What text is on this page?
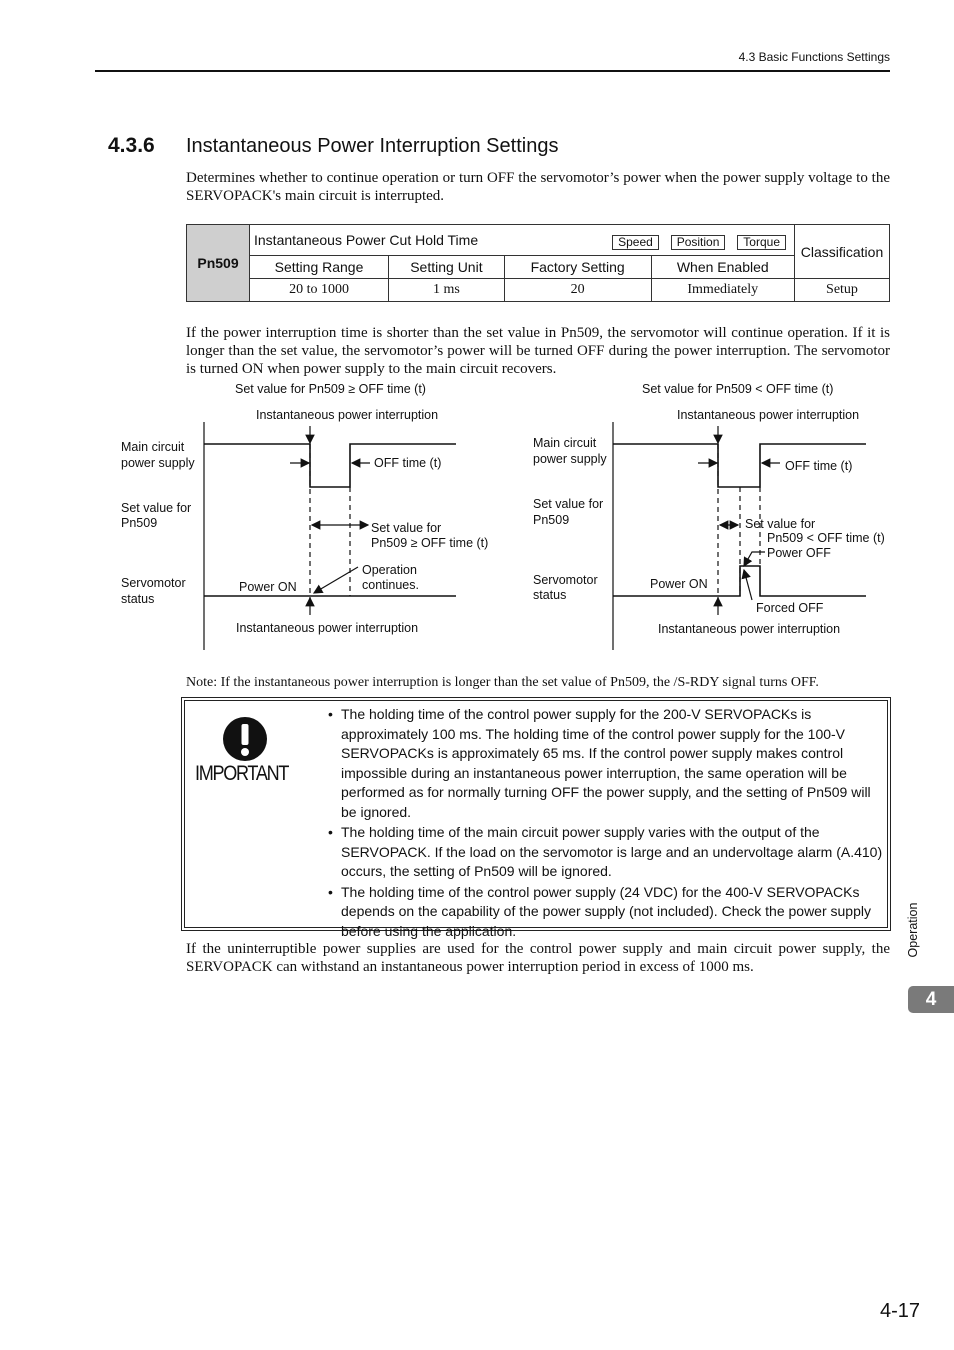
4.3 Basic Functions Settings
4.3.6 Instantaneous Power Interruption Settings
Determines whether to continue operation or turn OFF the servomotor’s power when the power supply voltage to the SERVOPACK's main circuit is interrupted.
Pn509	Instantaneous Power Cut Hold Time Speed Position Torque				Classification
	Setting Range	Setting Unit	Factory Setting	When Enabled	
	20 to 1000	1 ms	20	Immediately	Setup
If the power interruption time is shorter than the set value in Pn509, the servomotor will continue operation. If it is longer than the set value, the servomotor’s power will be turned OFF during the power interruption. The servomotor is turned ON when power supply to the main circuit recovers.
Set value for Pn509 ≥ OFF time (t)
Instantaneous power interruption
Main circuit
power supply
Set value for
Pn509
Servomotor
status
OFF time (t)
Set value for
Pn509 ≥ OFF time (t)
Operation
continues.
Power ON
Instantaneous power interruption
Set value for Pn509 < OFF time (t)
Instantaneous power interruption
Main circuit
power supply
Set value for
Pn509
Servomotor
status
OFF time (t)
Set value for
Pn509 < OFF time (t)
Power OFF
Power ON
Forced OFF
Instantaneous power interruption
Note: If the instantaneous power interruption is longer than the set value of Pn509, the /S-RDY signal turns OFF.
IMPORTANT
• The holding time of the control power supply for the 200-V SERVOPACKs is approximately 100 ms. The holding time of the control power supply for the 100-V SERVOPACKs is approximately 65 ms. If the control power supply makes control impossible during an instantaneous power interruption, the same operation will be performed as for normally turning OFF the power supply, and the setting of Pn509 will be ignored.
• The holding time of the main circuit power supply varies with the output of the SERVOPACK. If the load on the servomotor is large and an undervoltage alarm (A.410) occurs, the setting of Pn509 will be ignored.
• The holding time of the control power supply (24 VDC) for the 400-V SERVOPACKs depends on the capability of the power supply (not included). Check the power supply before using the application.
If the uninterruptible power supplies are used for the control power supply and main circuit power supply, the SERVOPACK can withstand an instantaneous power interruption period in excess of 1000 ms.
Operation
4
4-17
